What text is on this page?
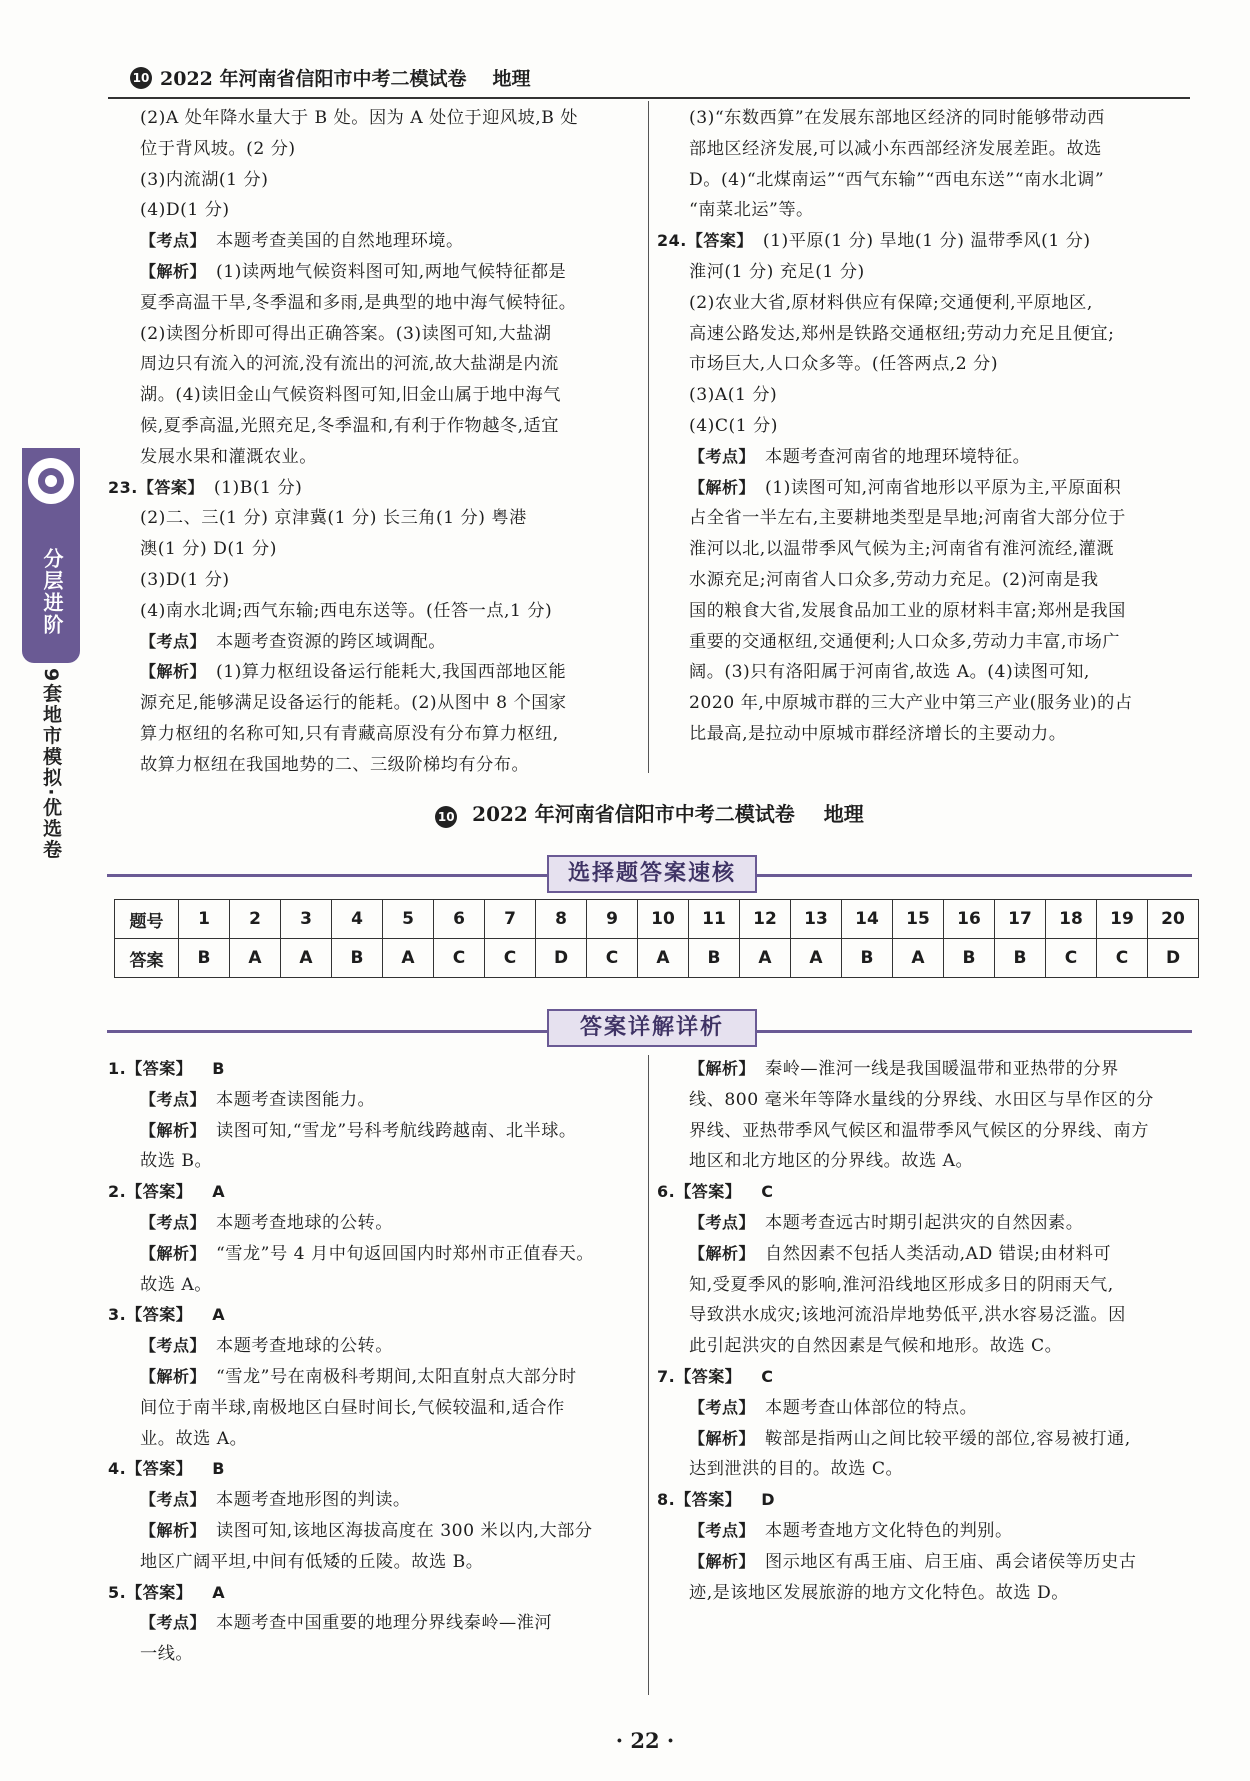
10 2022 年河南省信阳市中考二模试卷 地理
分层进阶
9套地市模拟·优选卷

(2)A 处年降水量大于 B 处。因为 A 处位于迎风坡,B 处

位于背风坡。(2 分)

(3)内流湖(1 分)

(4)D(1 分)

【考点】 本题考查美国的自然地理环境。

【解析】 (1)读两地气候资料图可知,两地气候特征都是

夏季高温干旱,冬季温和多雨,是典型的地中海气候特征。

(2)读图分析即可得出正确答案。(3)读图可知,大盐湖

周边只有流入的河流,没有流出的河流,故大盐湖是内流

湖。(4)读旧金山气候资料图可知,旧金山属于地中海气

候,夏季高温,光照充足,冬季温和,有利于作物越冬,适宜

发展水果和灌溉农业。

23.【答案】 (1)B(1 分)

(2)二、三(1 分) 京津冀(1 分) 长三角(1 分) 粤港

澳(1 分) D(1 分)

(3)D(1 分)

(4)南水北调;西气东输;西电东送等。(任答一点,1 分)

【考点】 本题考查资源的跨区域调配。

【解析】 (1)算力枢纽设备运行能耗大,我国西部地区能

源充足,能够满足设备运行的能耗。(2)从图中 8 个国家

算力枢纽的名称可知,只有青藏高原没有分布算力枢纽,

故算力枢纽在我国地势的二、三级阶梯均有分布。

(3)“东数西算”在发展东部地区经济的同时能够带动西

部地区经济发展,可以减小东西部经济发展差距。故选

D。(4)“北煤南运”“西气东输”“西电东送”“南水北调”

“南菜北运”等。

24.【答案】 (1)平原(1 分) 旱地(1 分) 温带季风(1 分)

淮河(1 分) 充足(1 分)

(2)农业大省,原材料供应有保障;交通便利,平原地区,

高速公路发达,郑州是铁路交通枢纽;劳动力充足且便宜;

市场巨大,人口众多等。(任答两点,2 分)

(3)A(1 分)

(4)C(1 分)

【考点】 本题考查河南省的地理环境特征。

【解析】 (1)读图可知,河南省地形以平原为主,平原面积

占全省一半左右,主要耕地类型是旱地;河南省大部分位于

淮河以北,以温带季风气候为主;河南省有淮河流经,灌溉

水源充足;河南省人口众多,劳动力充足。(2)河南是我

国的粮食大省,发展食品加工业的原材料丰富;郑州是我国

重要的交通枢纽,交通便利;人口众多,劳动力丰富,市场广

阔。(3)只有洛阳属于河南省,故选 A。(4)读图可知,

2020 年,中原城市群的三大产业中第三产业(服务业)的占

比最高,是拉动中原城市群经济增长的主要动力。

10 2022 年河南省信阳市中考二模试卷 地理
选择题答案速核
题号	1	2	3	4	5	6	7	8	9	10	11	12	13	14	15	16	17	18	19	20
答案	B	A	A	B	A	C	C	D	C	A	B	A	A	B	A	B	B	C	C	D
答案详解详析

1.【答案】 B

【考点】 本题考查读图能力。

【解析】 读图可知,“雪龙”号科考航线跨越南、北半球。

故选 B。

2.【答案】 A

【考点】 本题考查地球的公转。

【解析】 “雪龙”号 4 月中旬返回国内时郑州市正值春天。

故选 A。

3.【答案】 A

【考点】 本题考查地球的公转。

【解析】 “雪龙”号在南极科考期间,太阳直射点大部分时

间位于南半球,南极地区白昼时间长,气候较温和,适合作

业。故选 A。

4.【答案】 B

【考点】 本题考查地形图的判读。

【解析】 读图可知,该地区海拔高度在 300 米以内,大部分

地区广阔平坦,中间有低矮的丘陵。故选 B。

5.【答案】 A

【考点】 本题考查中国重要的地理分界线秦岭—淮河

一线。

【解析】 秦岭—淮河一线是我国暖温带和亚热带的分界

线、800 毫米年等降水量线的分界线、水田区与旱作区的分

界线、亚热带季风气候区和温带季风气候区的分界线、南方

地区和北方地区的分界线。故选 A。

6.【答案】 C

【考点】 本题考查远古时期引起洪灾的自然因素。

【解析】 自然因素不包括人类活动,AD 错误;由材料可

知,受夏季风的影响,淮河沿线地区形成多日的阴雨天气,

导致洪水成灾;该地河流沿岸地势低平,洪水容易泛滥。因

此引起洪灾的自然因素是气候和地形。故选 C。

7.【答案】 C

【考点】 本题考查山体部位的特点。

【解析】 鞍部是指两山之间比较平缓的部位,容易被打通,

达到泄洪的目的。故选 C。

8.【答案】 D

【考点】 本题考查地方文化特色的判别。

【解析】 图示地区有禹王庙、启王庙、禹会诸侯等历史古

迹,是该地区发展旅游的地方文化特色。故选 D。

· 22 ·
